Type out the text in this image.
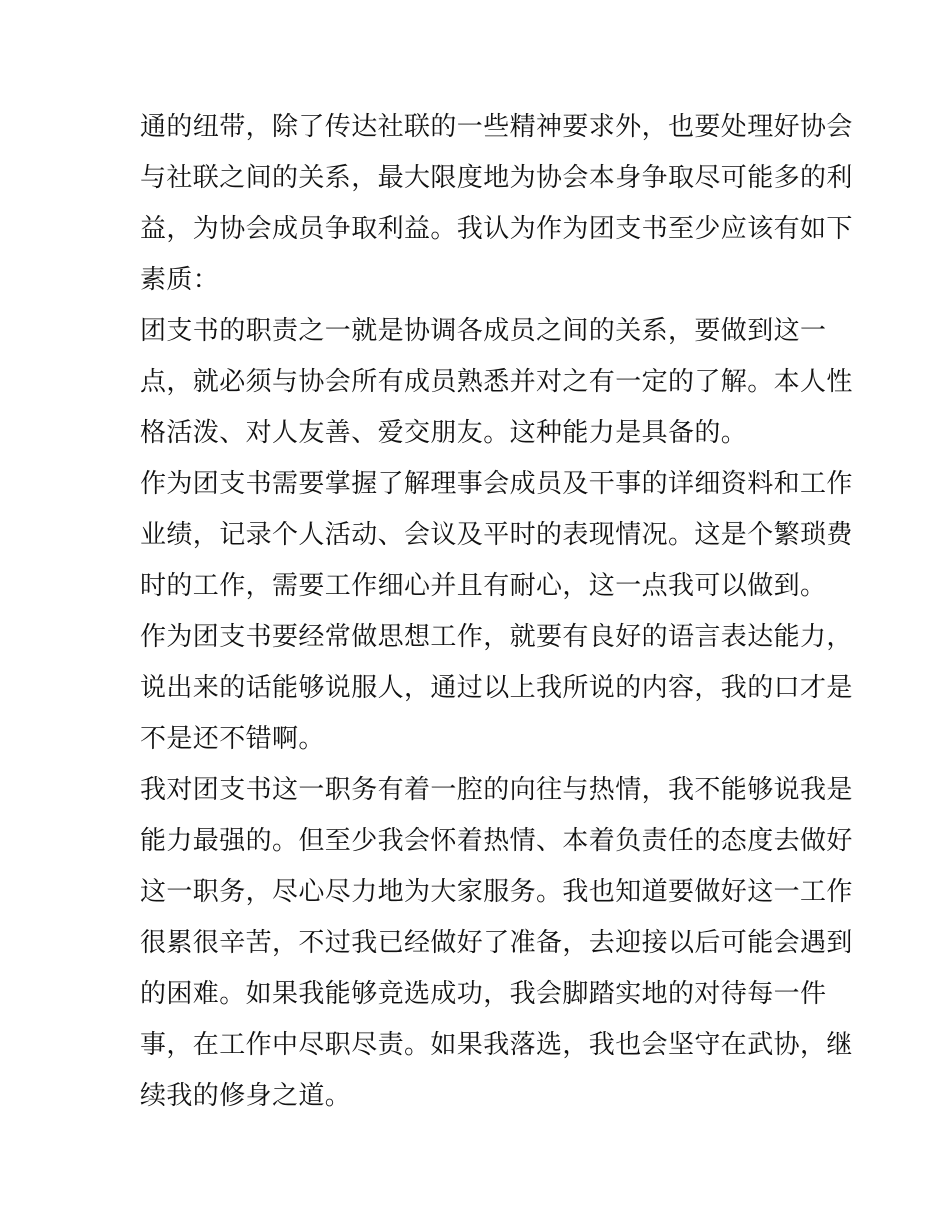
通的纽带，除了传达社联的一些精神要求外，也要处理好协会
与社联之间的关系，最大限度地为协会本身争取尽可能多的利
益，为协会成员争取利益。我认为作为团支书至少应该有如下
素质：
团支书的职责之一就是协调各成员之间的关系，要做到这一
点，就必须与协会所有成员熟悉并对之有一定的了解。本人性
格活泼、对人友善、爱交朋友。这种能力是具备的。
作为团支书需要掌握了解理事会成员及干事的详细资料和工作
业绩，记录个人活动、会议及平时的表现情况。这是个繁琐费
时的工作，需要工作细心并且有耐心，这一点我可以做到。
作为团支书要经常做思想工作，就要有良好的语言表达能力，
说出来的话能够说服人，通过以上我所说的内容，我的口才是
不是还不错啊。
我对团支书这一职务有着一腔的向往与热情，我不能够说我是
能力最强的。但至少我会怀着热情、本着负责任的态度去做好
这一职务，尽心尽力地为大家服务。我也知道要做好这一工作
很累很辛苦，不过我已经做好了准备，去迎接以后可能会遇到
的困难。如果我能够竞选成功，我会脚踏实地的对待每一件
事，在工作中尽职尽责。如果我落选，我也会坚守在武协，继
续我的修身之道。
